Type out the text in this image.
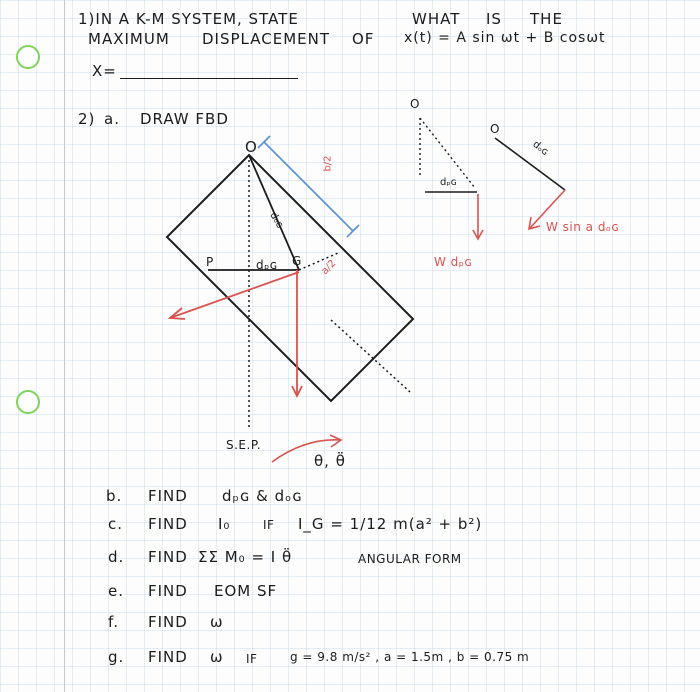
1)IN A K-M SYSTEM, STATE	WHAT IS THE
MAXIMUM DISPLACEMENT OF x(t) = A sin ωt + B cosωt
X=
2) a. DRAW FBD
O
b/2
dₒɢ
P	dₚɢ G a/2
S.E.P.
θ, θ̈
O
dₚɢ
W dₚɢ
O
dₒɢ
W sin a dₒɢ
b. FIND dₚɢ & dₒɢ
c. FIND I₀	IF I_G = 1/12 m(a² + b²)
d. FIND ΣΣ M₀ = I θ̈	ANGULAR FORM
e. FIND EOM SF
f. FIND ω
g. FIND ω IF	g = 9.8 m/s² , a = 1.5m , b = 0.75 m
